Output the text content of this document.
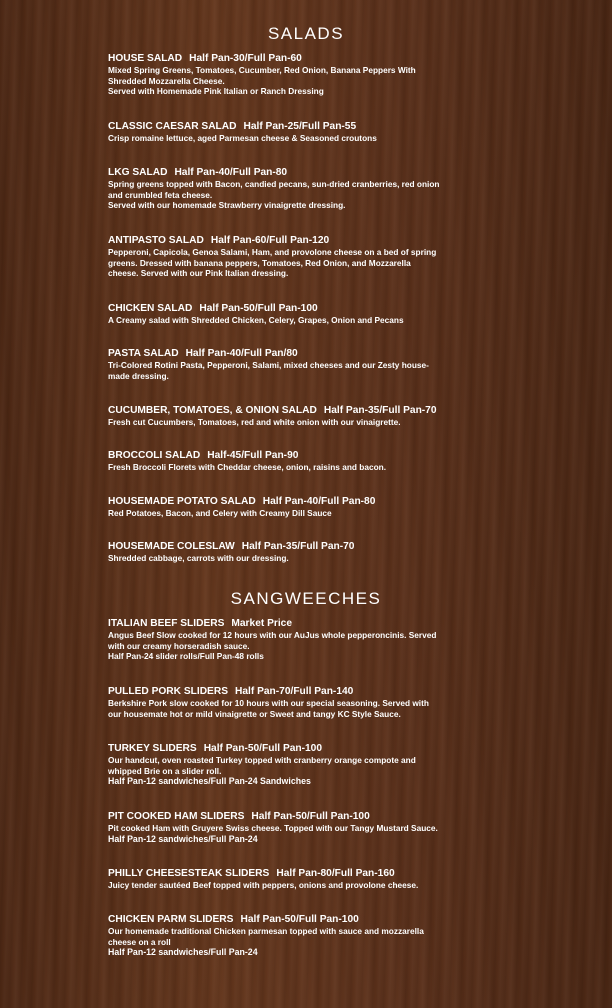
SALADS

HOUSE SALAD Half Pan-30/Full Pan-60

Mixed Spring Greens, Tomatoes, Cucumber, Red Onion, Banana Peppers With
Shredded Mozzarella Cheese.
Served with Homemade Pink Italian or Ranch Dressing

CLASSIC CAESAR SALAD Half Pan-25/Full Pan-55

Crisp romaine lettuce, aged Parmesan cheese & Seasoned croutons

LKG SALAD Half Pan-40/Full Pan-80

Spring greens topped with Bacon, candied pecans, sun-dried cranberries, red onion
and crumbled feta cheese.
Served with our homemade Strawberry vinaigrette dressing.

ANTIPASTO SALAD Half Pan-60/Full Pan-120

Pepperoni, Capicola, Genoa Salami, Ham, and provolone cheese on a bed of spring
greens. Dressed with banana peppers, Tomatoes, Red Onion, and Mozzarella
cheese. Served with our Pink Italian dressing.

CHICKEN SALAD Half Pan-50/Full Pan-100

A Creamy salad with Shredded Chicken, Celery, Grapes, Onion and Pecans

PASTA SALAD Half Pan-40/Full Pan/80

Tri-Colored Rotini Pasta, Pepperoni, Salami, mixed cheeses and our Zesty house-
made dressing.

CUCUMBER, TOMATOES, & ONION SALAD Half Pan-35/Full Pan-70

Fresh cut Cucumbers, Tomatoes, red and white onion with our vinaigrette.

BROCCOLI SALAD Half-45/Full Pan-90

Fresh Broccoli Florets with Cheddar cheese, onion, raisins and bacon.

HOUSEMADE POTATO SALAD Half Pan-40/Full Pan-80

Red Potatoes, Bacon, and Celery with Creamy Dill Sauce

HOUSEMADE COLESLAW Half Pan-35/Full Pan-70

Shredded cabbage, carrots with our dressing.

SANGWEECHES

ITALIAN BEEF SLIDERS Market Price

Angus Beef Slow cooked for 12 hours with our AuJus whole pepperoncinis. Served
with our creamy horseradish sauce.
Half Pan-24 slider rolls/Full Pan-48 rolls

PULLED PORK SLIDERS Half Pan-70/Full Pan-140

Berkshire Pork slow cooked for 10 hours with our special seasoning. Served with
our housemate hot or mild vinaigrette or Sweet and tangy KC Style Sauce.

TURKEY SLIDERS Half Pan-50/Full Pan-100

Our handcut, oven roasted Turkey topped with cranberry orange compote and
whipped Brie on a slider roll.

Half Pan-12 sandwiches/Full Pan-24 Sandwiches

PIT COOKED HAM SLIDERS Half Pan-50/Full Pan-100

Pit cooked Ham with Gruyere Swiss cheese. Topped with our Tangy Mustard Sauce.

Half Pan-12 sandwiches/Full Pan-24

PHILLY CHEESESTEAK SLIDERS Half Pan-80/Full Pan-160

Juicy tender sautéed Beef topped with peppers, onions and provolone cheese.

CHICKEN PARM SLIDERS Half Pan-50/Full Pan-100

Our homemade traditional Chicken parmesan topped with sauce and mozzarella
cheese on a roll

Half Pan-12 sandwiches/Full Pan-24
